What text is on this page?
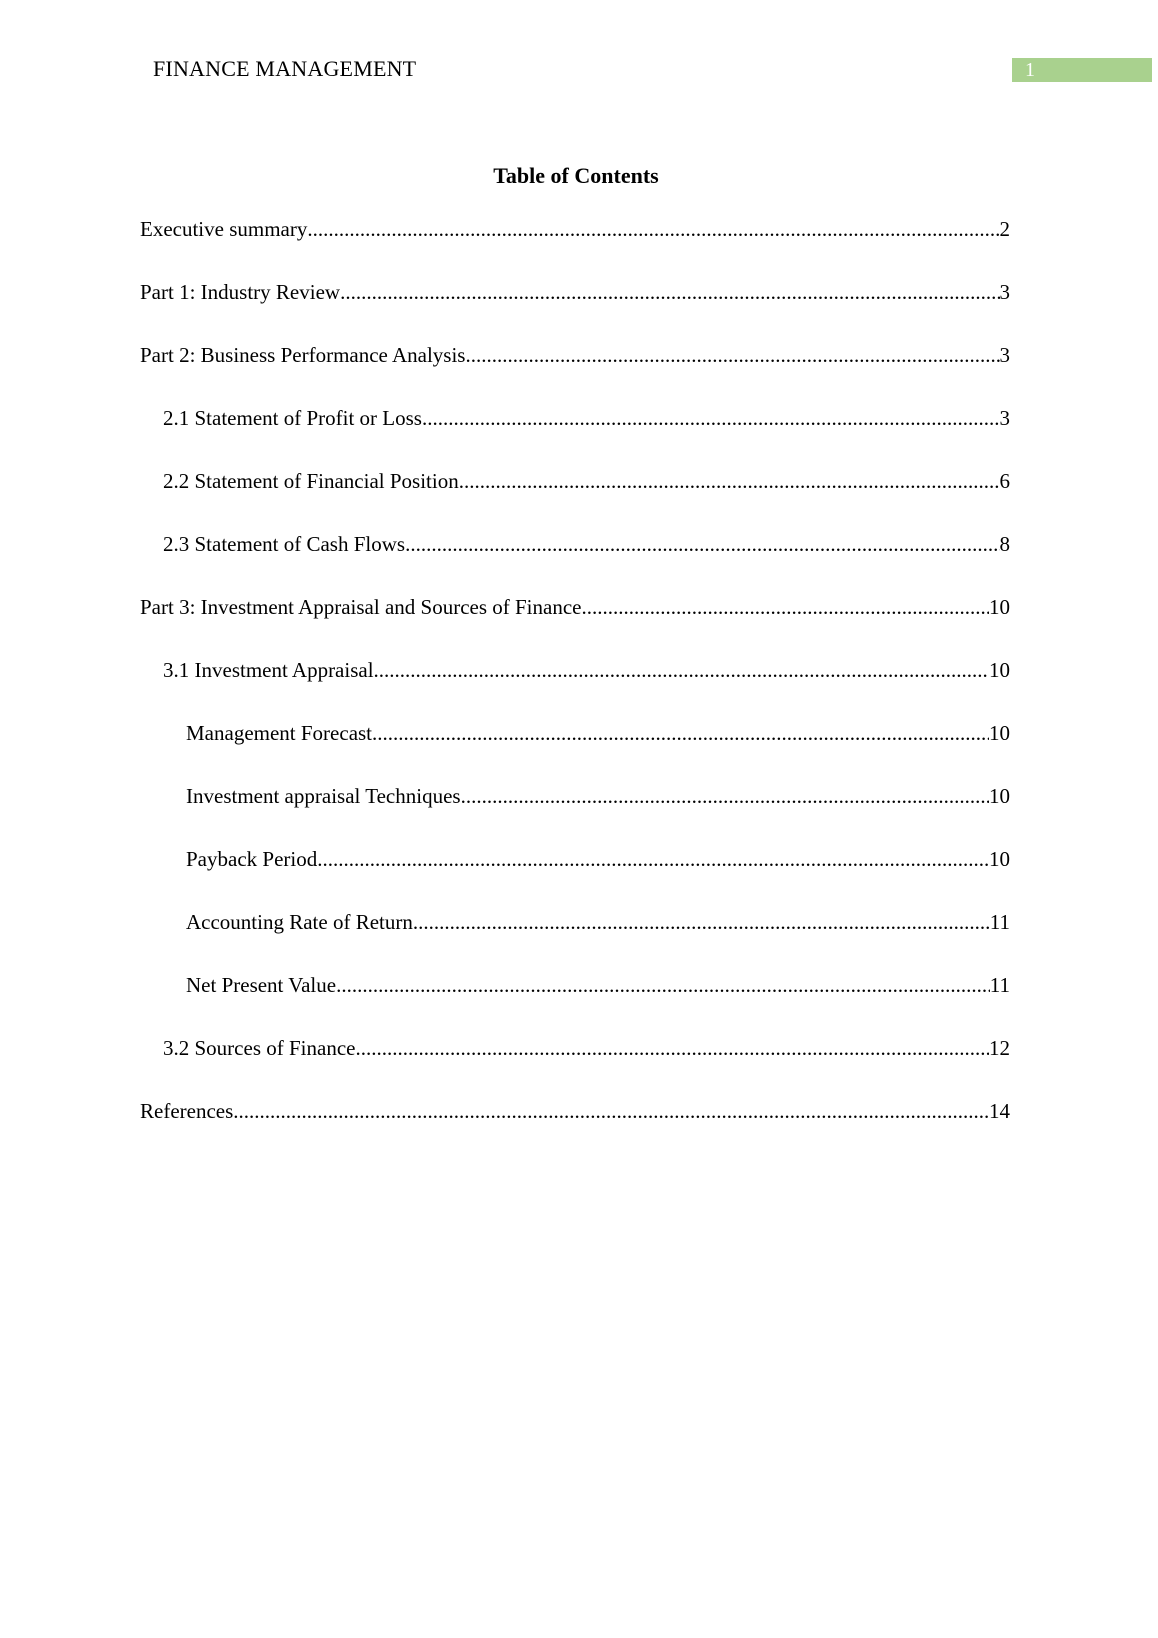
FINANCE MANAGEMENT	1
Table of Contents
Executive summary .....	2
Part 1: Industry Review .....	3
Part 2: Business Performance Analysis .....	3
2.1 Statement of Profit or Loss .....	3
2.2 Statement of Financial Position .....	6
2.3 Statement of Cash Flows .....	8
Part 3: Investment Appraisal and Sources of Finance .....	10
3.1 Investment Appraisal .....	10
Management Forecast .....	10
Investment appraisal Techniques .....	10
Payback Period .....	10
Accounting Rate of Return .....	11
Net Present Value .....	11
3.2 Sources of Finance .....	12
References .....	14
